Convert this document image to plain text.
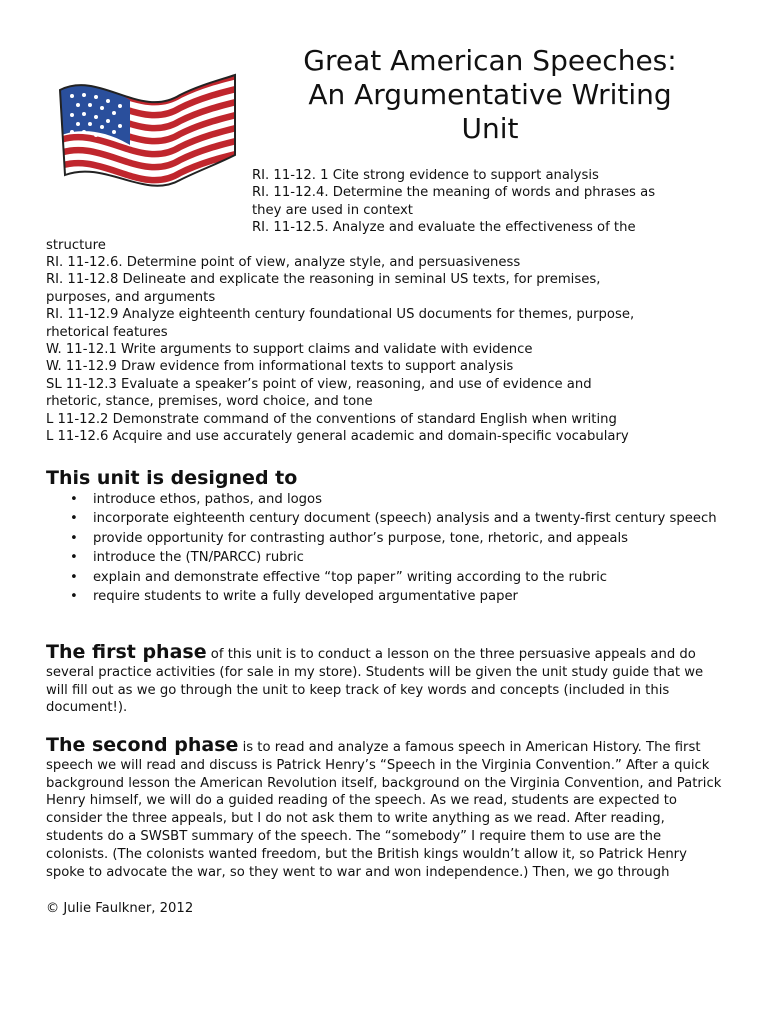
Great American Speeches:
An Argumentative Writing
Unit
RI. 11-12. 1 Cite strong evidence to support analysis
RI. 11-12.4. Determine the meaning of words and phrases as
they are used in context
RI. 11-12.5. Analyze and evaluate the effectiveness of the
structure
RI. 11-12.6. Determine point of view, analyze style, and persuasiveness
RI. 11-12.8 Delineate and explicate the reasoning in seminal US texts, for premises,
purposes, and arguments
RI. 11-12.9 Analyze eighteenth century foundational US documents for themes, purpose,
rhetorical features
W. 11-12.1 Write arguments to support claims and validate with evidence
W. 11-12.9 Draw evidence from informational texts to support analysis
SL 11-12.3 Evaluate a speaker’s point of view, reasoning, and use of evidence and
rhetoric, stance, premises, word choice, and tone
L 11-12.2 Demonstrate command of the conventions of standard English when writing
L 11-12.6 Acquire and use accurately general academic and domain-specific vocabulary
This unit is designed to
• introduce ethos, pathos, and logos
• incorporate eighteenth century document (speech) analysis and a twenty-first century speech
• provide opportunity for contrasting author’s purpose, tone, rhetoric, and appeals
• introduce the (TN/PARCC) rubric
• explain and demonstrate effective “top paper” writing according to the rubric
• require students to write a fully developed argumentative paper

The first phase of this unit is to conduct a lesson on the three persuasive appeals and do several practice activities (for sale in my store). Students will be given the unit study guide that we will fill out as we go through the unit to keep track of key words and concepts (included in this document!).

The second phase is to read and analyze a famous speech in American History. The first speech we will read and discuss is Patrick Henry’s “Speech in the Virginia Convention.” After a quick background lesson the American Revolution itself, background on the Virginia Convention, and Patrick Henry himself, we will do a guided reading of the speech. As we read, students are expected to consider the three appeals, but I do not ask them to write anything as we read. After reading, students do a SWSBT summary of the speech. The “somebody” I require them to use are the colonists. (The colonists wanted freedom, but the British kings wouldn’t allow it, so Patrick Henry spoke to advocate the war, so they went to war and won independence.) Then, we go through

© Julie Faulkner, 2012
